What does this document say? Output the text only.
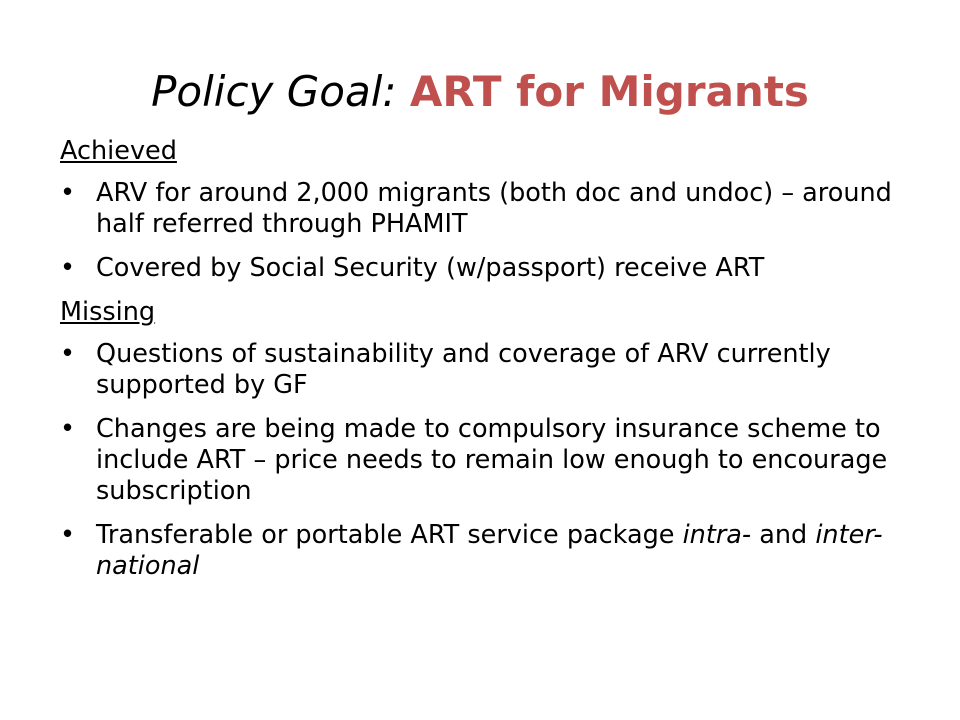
Policy Goal: ART for Migrants
Achieved
• ARV for around 2,000 migrants (both doc and undoc) – around half referred through PHAMIT
• Covered by Social Security (w/passport) receive ART
Missing
• Questions of sustainability and coverage of ARV currently supported by GF
• Changes are being made to compulsory insurance scheme to include ART – price needs to remain low enough to encourage subscription
• Transferable or portable ART service package intra- and inter-national
